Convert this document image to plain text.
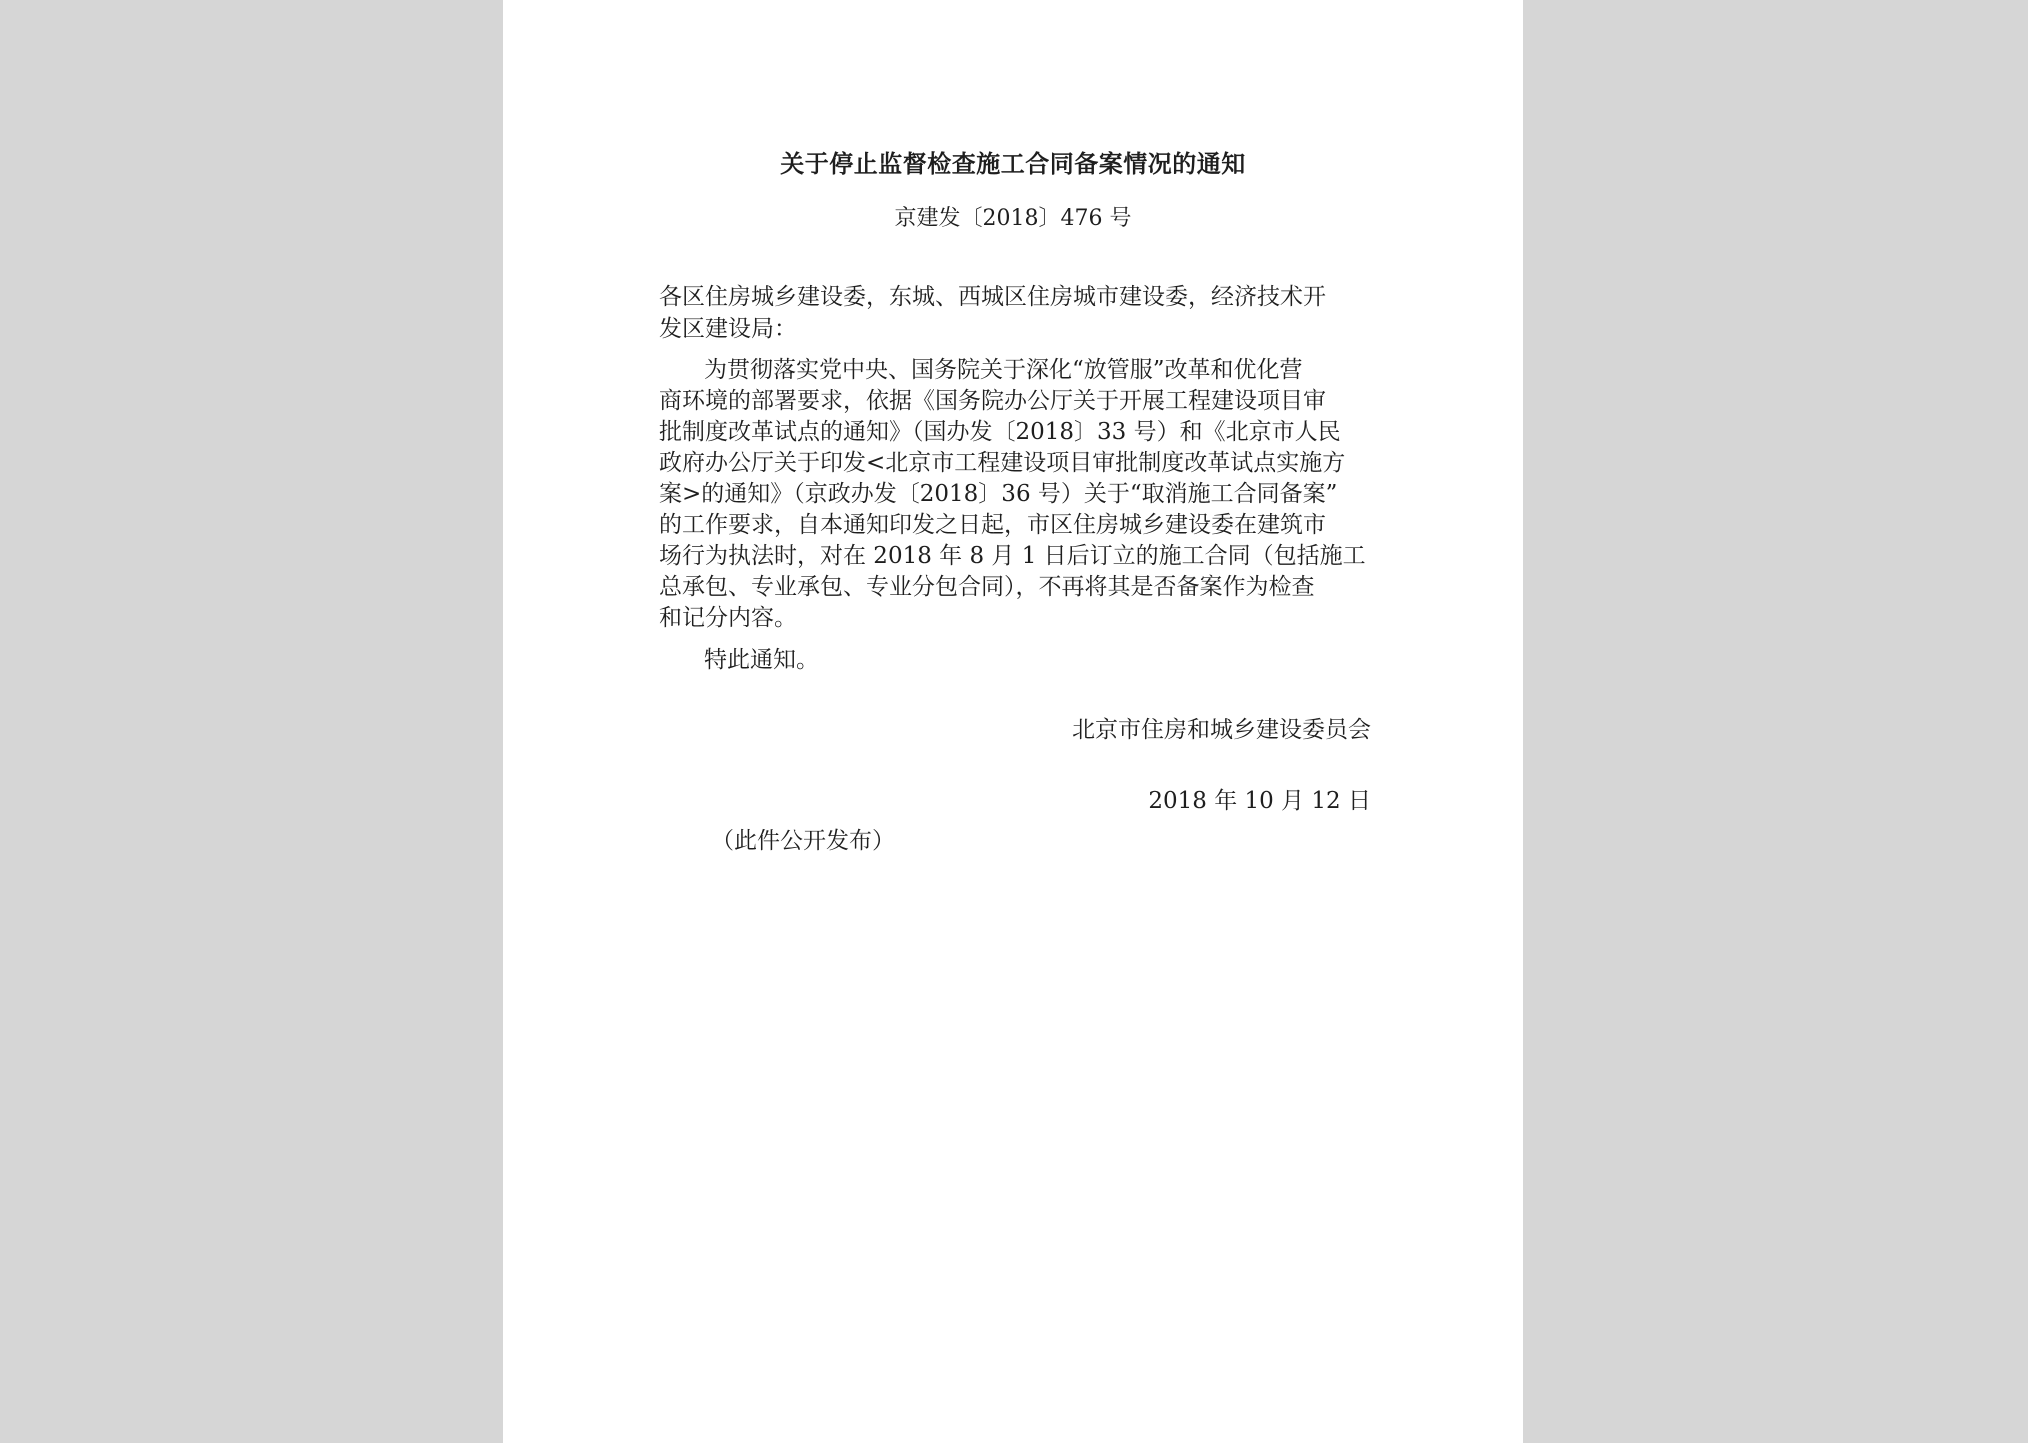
关于停止监督检查施工合同备案情况的通知
京建发〔2018〕476 号
各区住房城乡建设委，东城、西城区住房城市建设委，经济技术开
发区建设局：
为贯彻落实党中央、国务院关于深化“放管服”改革和优化营
商环境的部署要求，依据《国务院办公厅关于开展工程建设项目审
批制度改革试点的通知》（国办发〔2018〕33 号）和《北京市人民
政府办公厅关于印发<北京市工程建设项目审批制度改革试点实施方
案>的通知》（京政办发〔2018〕36 号）关于“取消施工合同备案”
的工作要求，自本通知印发之日起，市区住房城乡建设委在建筑市
场行为执法时，对在 2018 年 8 月 1 日后订立的施工合同（包括施工
总承包、专业承包、专业分包合同），不再将其是否备案作为检查
和记分内容。
特此通知。
北京市住房和城乡建设委员会
2018 年 10 月 12 日
（此件公开发布）
